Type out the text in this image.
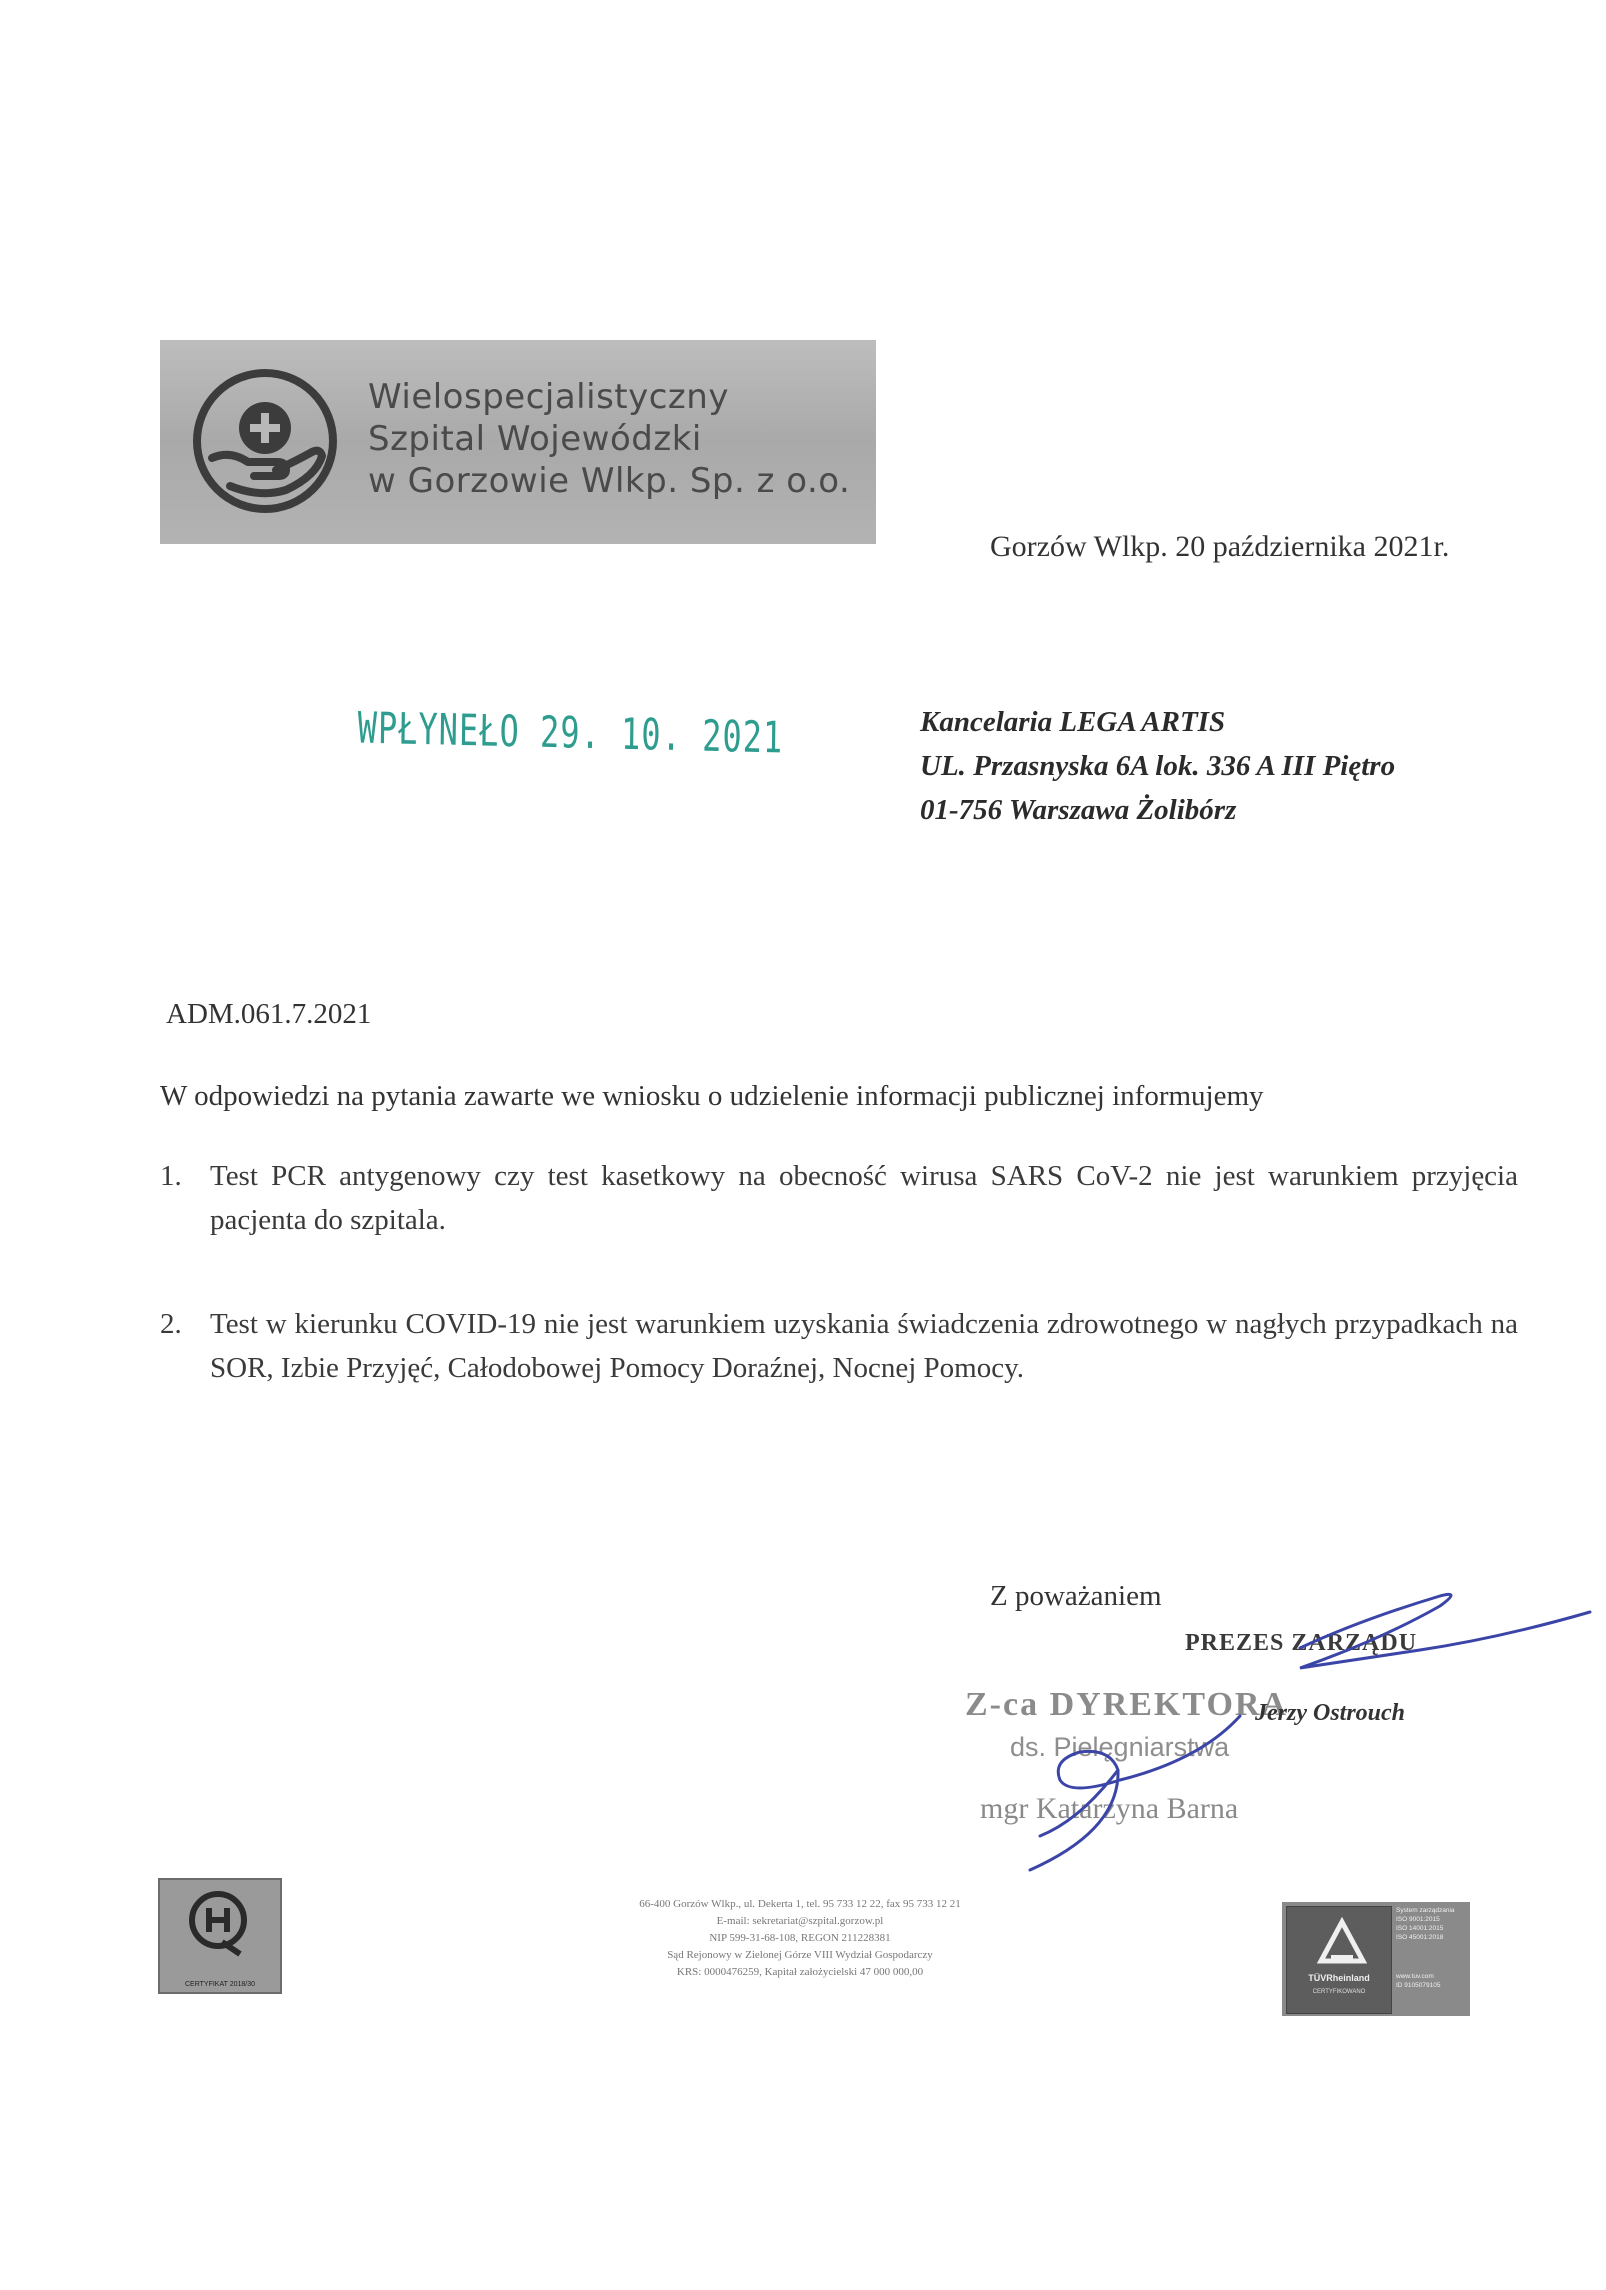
Wielospecjalistyczny
Szpital Wojewódzki
w Gorzowie Wlkp. Sp. z o.o.
Gorzów Wlkp. 20 października 2021r.
WPŁYNEŁO 29. 10. 2021	Kancelaria LEGA ARTIS
UL. Przasnyska 6A lok. 336 A III Piętro
01-756 Warszawa Żolibórz
ADM.061.7.2021
W odpowiedzi na pytania zawarte we wniosku o udzielenie informacji publicznej informujemy
1. Test PCR antygenowy czy test kasetkowy na obecność wirusa SARS CoV-2 nie jest warunkiem przyjęcia pacjenta do szpitala.
2. Test w kierunku COVID-19 nie jest warunkiem uzyskania świadczenia zdrowotnego w nagłych przypadkach na SOR, Izbie Przyjęć, Całodobowej Pomocy Doraźnej, Nocnej Pomocy.
Z poważaniem
PREZES ZARZĄDU
Z-ca DYREKTORA
Jerzy Ostrouch
ds. Pielęgniarstwa
mgr Katarzyna Barna
CERTYFIKAT 2018/30
66-400 Gorzów Wlkp., ul. Dekerta 1, tel. 95 733 12 22, fax 95 733 12 21
E-mail: sekretariat@szpital.gorzow.pl
NIP 599-31-68-108, REGON 211228381
Sąd Rejonowy w Zielonej Górze VIII Wydział Gospodarczy
KRS: 0000476259, Kapitał założycielski 47 000 000,00	TÜVRheinland
CERTYFIKOWANO
System zarządzania
ISO 9001:2015
ISO 14001:2015
ISO 45001:2018
www.tuv.com
ID 9105079105
